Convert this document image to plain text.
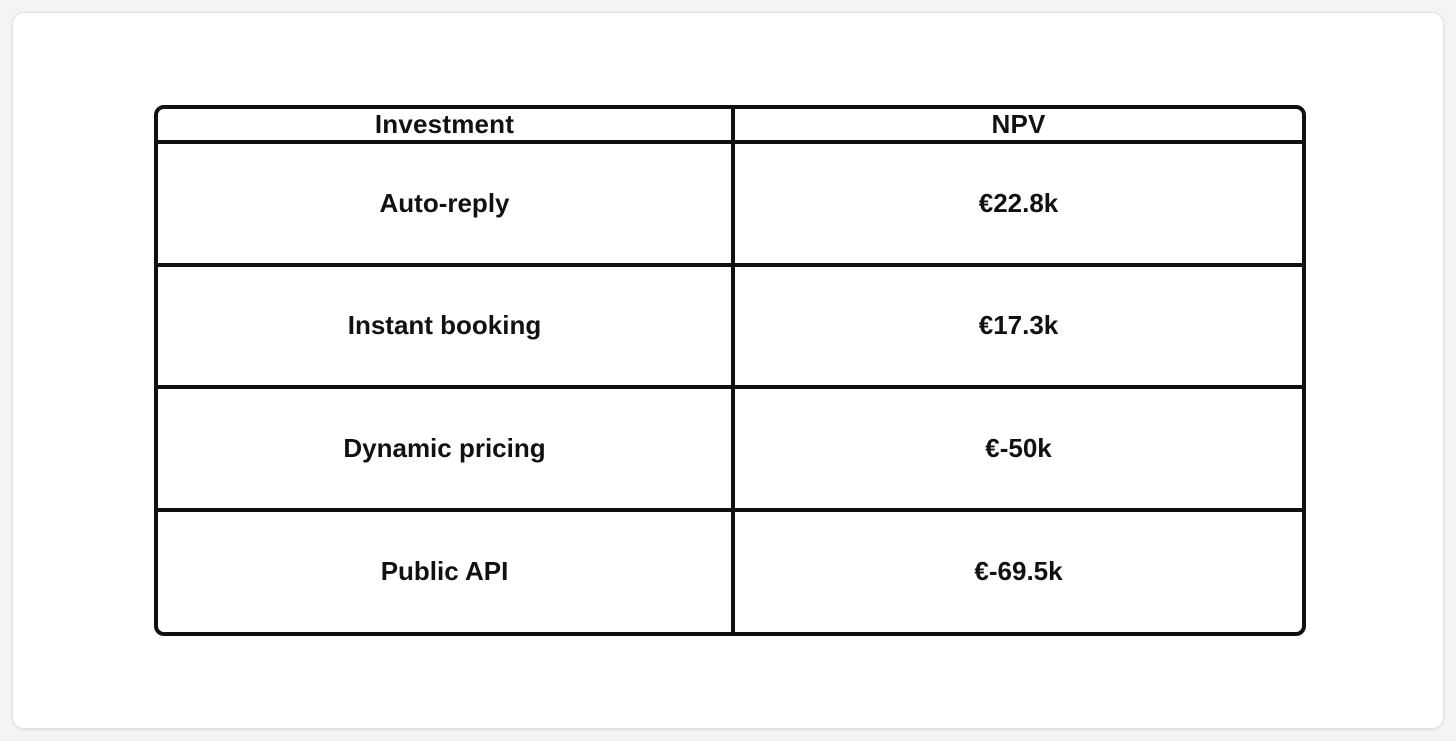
Investment	NPV
Auto-reply	€22.8k
Instant booking	€17.3k
Dynamic pricing	€-50k
Public API	€-69.5k
